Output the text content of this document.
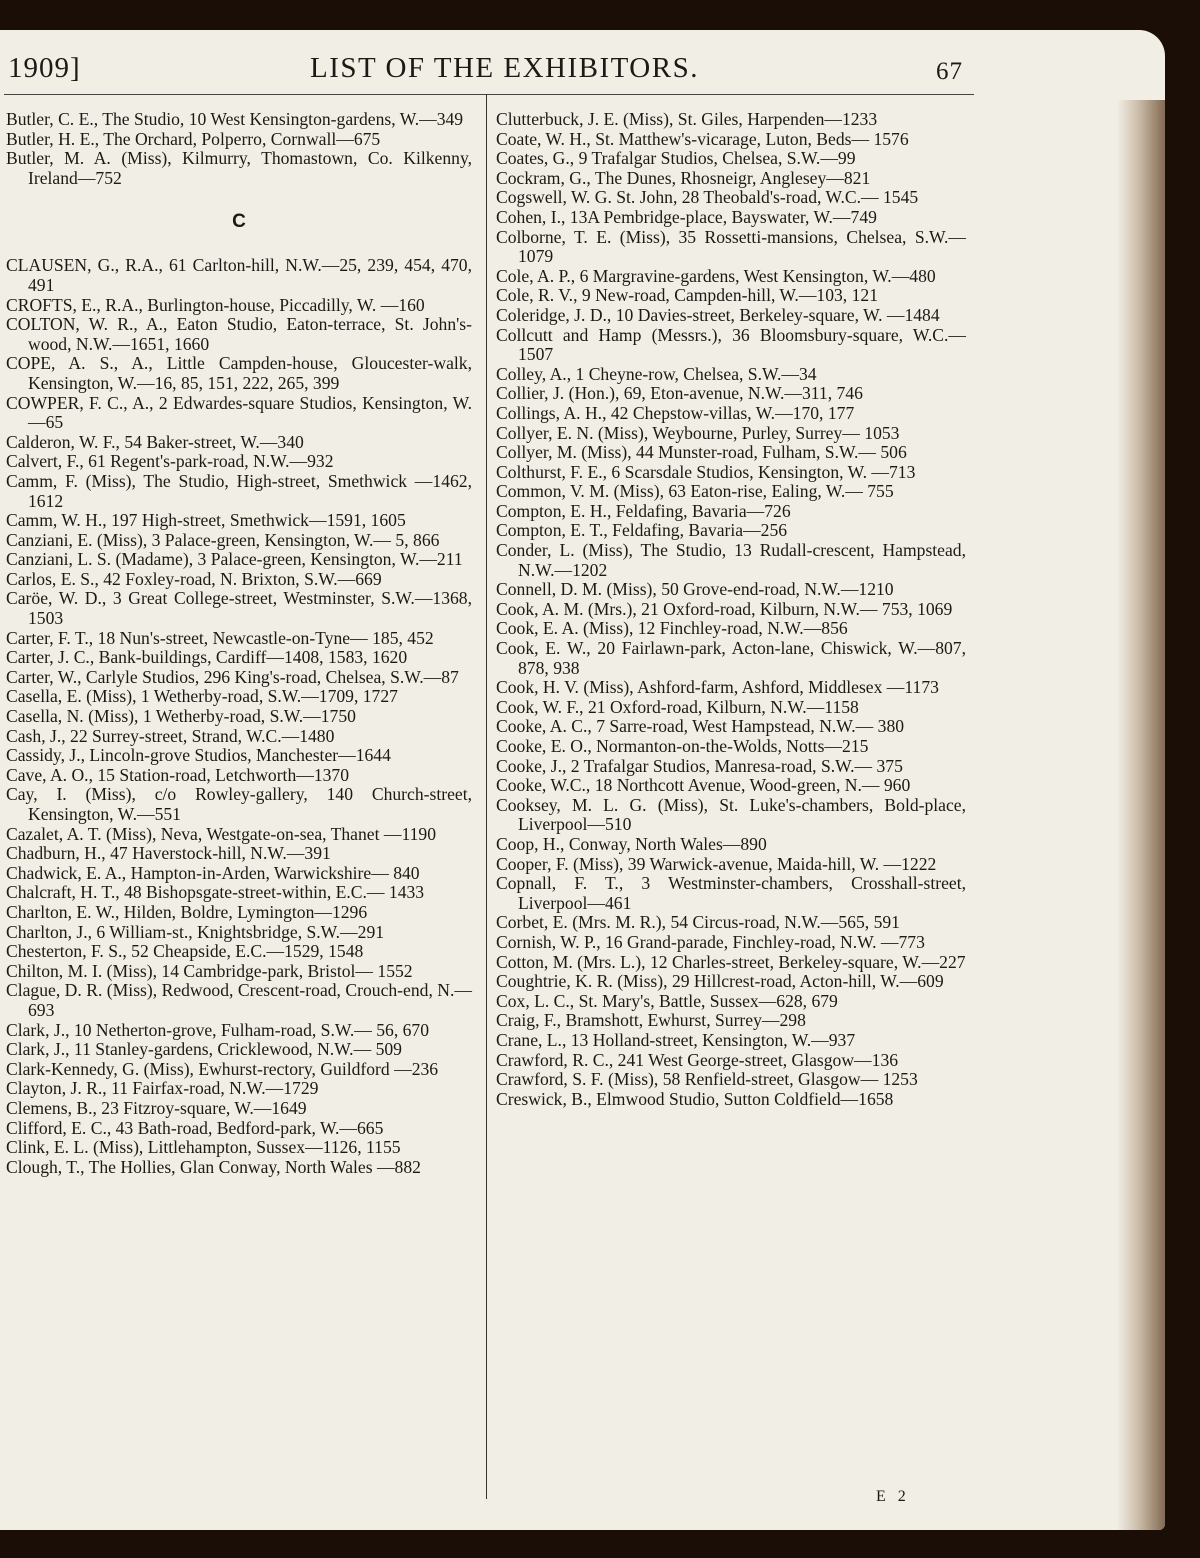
1909]	LIST OF THE EXHIBITORS.	67
Butler, C. E., The Studio, 10 West Kensington-gardens, W.—349
Butler, H. E., The Orchard, Polperro, Cornwall—675
Butler, M. A. (Miss), Kilmurry, Thomastown, Co. Kilkenny, Ireland—752
C
CLAUSEN, G., R.A., 61 Carlton-hill, N.W.—25, 239, 454, 470, 491
CROFTS, E., R.A., Burlington-house, Piccadilly, W. —160
COLTON, W. R., A., Eaton Studio, Eaton-terrace, St. John's-wood, N.W.—1651, 1660
COPE, A. S., A., Little Campden-house, Gloucester-walk, Kensington, W.—16, 85, 151, 222, 265, 399
COWPER, F. C., A., 2 Edwardes-square Studios, Kensington, W.—65
Calderon, W. F., 54 Baker-street, W.—340
Calvert, F., 61 Regent's-park-road, N.W.—932
Camm, F. (Miss), The Studio, High-street, Smethwick —1462, 1612
Camm, W. H., 197 High-street, Smethwick—1591, 1605
Canziani, E. (Miss), 3 Palace-green, Kensington, W.— 5, 866
Canziani, L. S. (Madame), 3 Palace-green, Kensington, W.—211
Carlos, E. S., 42 Foxley-road, N. Brixton, S.W.—669
Caröe, W. D., 3 Great College-street, Westminster, S.W.—1368, 1503
Carter, F. T., 18 Nun's-street, Newcastle-on-Tyne— 185, 452
Carter, J. C., Bank-buildings, Cardiff—1408, 1583, 1620
Carter, W., Carlyle Studios, 296 King's-road, Chelsea, S.W.—87
Casella, E. (Miss), 1 Wetherby-road, S.W.—1709, 1727
Casella, N. (Miss), 1 Wetherby-road, S.W.—1750
Cash, J., 22 Surrey-street, Strand, W.C.—1480
Cassidy, J., Lincoln-grove Studios, Manchester—1644
Cave, A. O., 15 Station-road, Letchworth—1370
Cay, I. (Miss), c/o Rowley-gallery, 140 Church-street, Kensington, W.—551
Cazalet, A. T. (Miss), Neva, Westgate-on-sea, Thanet —1190
Chadburn, H., 47 Haverstock-hill, N.W.—391
Chadwick, E. A., Hampton-in-Arden, Warwickshire— 840
Chalcraft, H. T., 48 Bishopsgate-street-within, E.C.— 1433
Charlton, E. W., Hilden, Boldre, Lymington—1296
Charlton, J., 6 William-st., Knightsbridge, S.W.—291
Chesterton, F. S., 52 Cheapside, E.C.—1529, 1548
Chilton, M. I. (Miss), 14 Cambridge-park, Bristol— 1552
Clague, D. R. (Miss), Redwood, Crescent-road, Crouch-end, N.—693
Clark, J., 10 Netherton-grove, Fulham-road, S.W.— 56, 670
Clark, J., 11 Stanley-gardens, Cricklewood, N.W.— 509
Clark-Kennedy, G. (Miss), Ewhurst-rectory, Guildford —236
Clayton, J. R., 11 Fairfax-road, N.W.—1729
Clemens, B., 23 Fitzroy-square, W.—1649
Clifford, E. C., 43 Bath-road, Bedford-park, W.—665
Clink, E. L. (Miss), Littlehampton, Sussex—1126, 1155
Clough, T., The Hollies, Glan Conway, North Wales —882
Clutterbuck, J. E. (Miss), St. Giles, Harpenden—1233
Coate, W. H., St. Matthew's-vicarage, Luton, Beds— 1576
Coates, G., 9 Trafalgar Studios, Chelsea, S.W.—99
Cockram, G., The Dunes, Rhosneigr, Anglesey—821
Cogswell, W. G. St. John, 28 Theobald's-road, W.C.— 1545
Cohen, I., 13A Pembridge-place, Bayswater, W.—749
Colborne, T. E. (Miss), 35 Rossetti-mansions, Chelsea, S.W.—1079
Cole, A. P., 6 Margravine-gardens, West Kensington, W.—480
Cole, R. V., 9 New-road, Campden-hill, W.—103, 121
Coleridge, J. D., 10 Davies-street, Berkeley-square, W. —1484
Collcutt and Hamp (Messrs.), 36 Bloomsbury-square, W.C.—1507
Colley, A., 1 Cheyne-row, Chelsea, S.W.—34
Collier, J. (Hon.), 69, Eton-avenue, N.W.—311, 746
Collings, A. H., 42 Chepstow-villas, W.—170, 177
Collyer, E. N. (Miss), Weybourne, Purley, Surrey— 1053
Collyer, M. (Miss), 44 Munster-road, Fulham, S.W.— 506
Colthurst, F. E., 6 Scarsdale Studios, Kensington, W. —713
Common, V. M. (Miss), 63 Eaton-rise, Ealing, W.— 755
Compton, E. H., Feldafing, Bavaria—726
Compton, E. T., Feldafing, Bavaria—256
Conder, L. (Miss), The Studio, 13 Rudall-crescent, Hampstead, N.W.—1202
Connell, D. M. (Miss), 50 Grove-end-road, N.W.—1210
Cook, A. M. (Mrs.), 21 Oxford-road, Kilburn, N.W.— 753, 1069
Cook, E. A. (Miss), 12 Finchley-road, N.W.—856
Cook, E. W., 20 Fairlawn-park, Acton-lane, Chiswick, W.—807, 878, 938
Cook, H. V. (Miss), Ashford-farm, Ashford, Middlesex —1173
Cook, W. F., 21 Oxford-road, Kilburn, N.W.—1158
Cooke, A. C., 7 Sarre-road, West Hampstead, N.W.— 380
Cooke, E. O., Normanton-on-the-Wolds, Notts—215
Cooke, J., 2 Trafalgar Studios, Manresa-road, S.W.— 375
Cooke, W.C., 18 Northcott Avenue, Wood-green, N.— 960
Cooksey, M. L. G. (Miss), St. Luke's-chambers, Bold-place, Liverpool—510
Coop, H., Conway, North Wales—890
Cooper, F. (Miss), 39 Warwick-avenue, Maida-hill, W. —1222
Copnall, F. T., 3 Westminster-chambers, Crosshall-street, Liverpool—461
Corbet, E. (Mrs. M. R.), 54 Circus-road, N.W.—565, 591
Cornish, W. P., 16 Grand-parade, Finchley-road, N.W. —773
Cotton, M. (Mrs. L.), 12 Charles-street, Berkeley-square, W.—227
Coughtrie, K. R. (Miss), 29 Hillcrest-road, Acton-hill, W.—609
Cox, L. C., St. Mary's, Battle, Sussex—628, 679
Craig, F., Bramshott, Ewhurst, Surrey—298
Crane, L., 13 Holland-street, Kensington, W.—937
Crawford, R. C., 241 West George-street, Glasgow—136
Crawford, S. F. (Miss), 58 Renfield-street, Glasgow— 1253
Creswick, B., Elmwood Studio, Sutton Coldfield—1658
E 2
